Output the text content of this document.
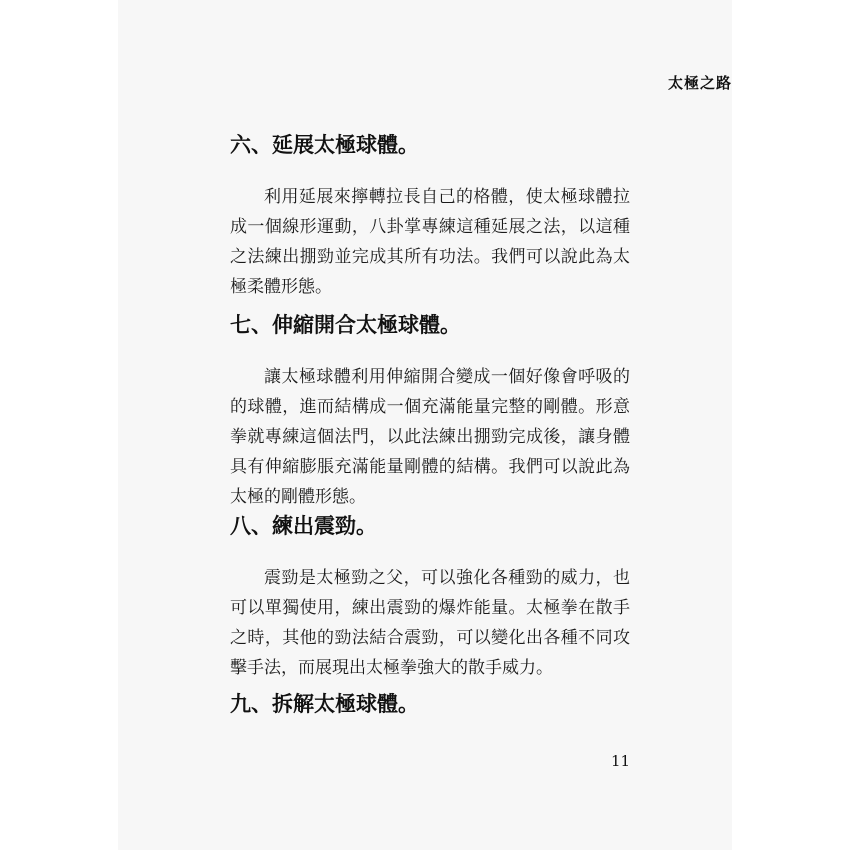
太極之路
六、延展太極球體。

利用延展來擰轉拉長自己的格體，使太極球體拉成一個線形運動，八卦掌專練這種延展之法，以這種之法練出掤勁並完成其所有功法。我們可以說此為太極柔體形態。

七、伸縮開合太極球體。

讓太極球體利用伸縮開合變成一個好像會呼吸的的球體，進而結構成一個充滿能量完整的剛體。形意拳就專練這個法門，以此法練出掤勁完成後，讓身體具有伸縮膨脹充滿能量剛體的結構。我們可以說此為太極的剛體形態。

八、練出震勁。

震勁是太極勁之父，可以強化各種勁的威力，也可以單獨使用，練出震勁的爆炸能量。太極拳在散手之時，其他的勁法結合震勁，可以變化出各種不同攻擊手法，而展現出太極拳強大的散手威力。

九、拆解太極球體。
11
